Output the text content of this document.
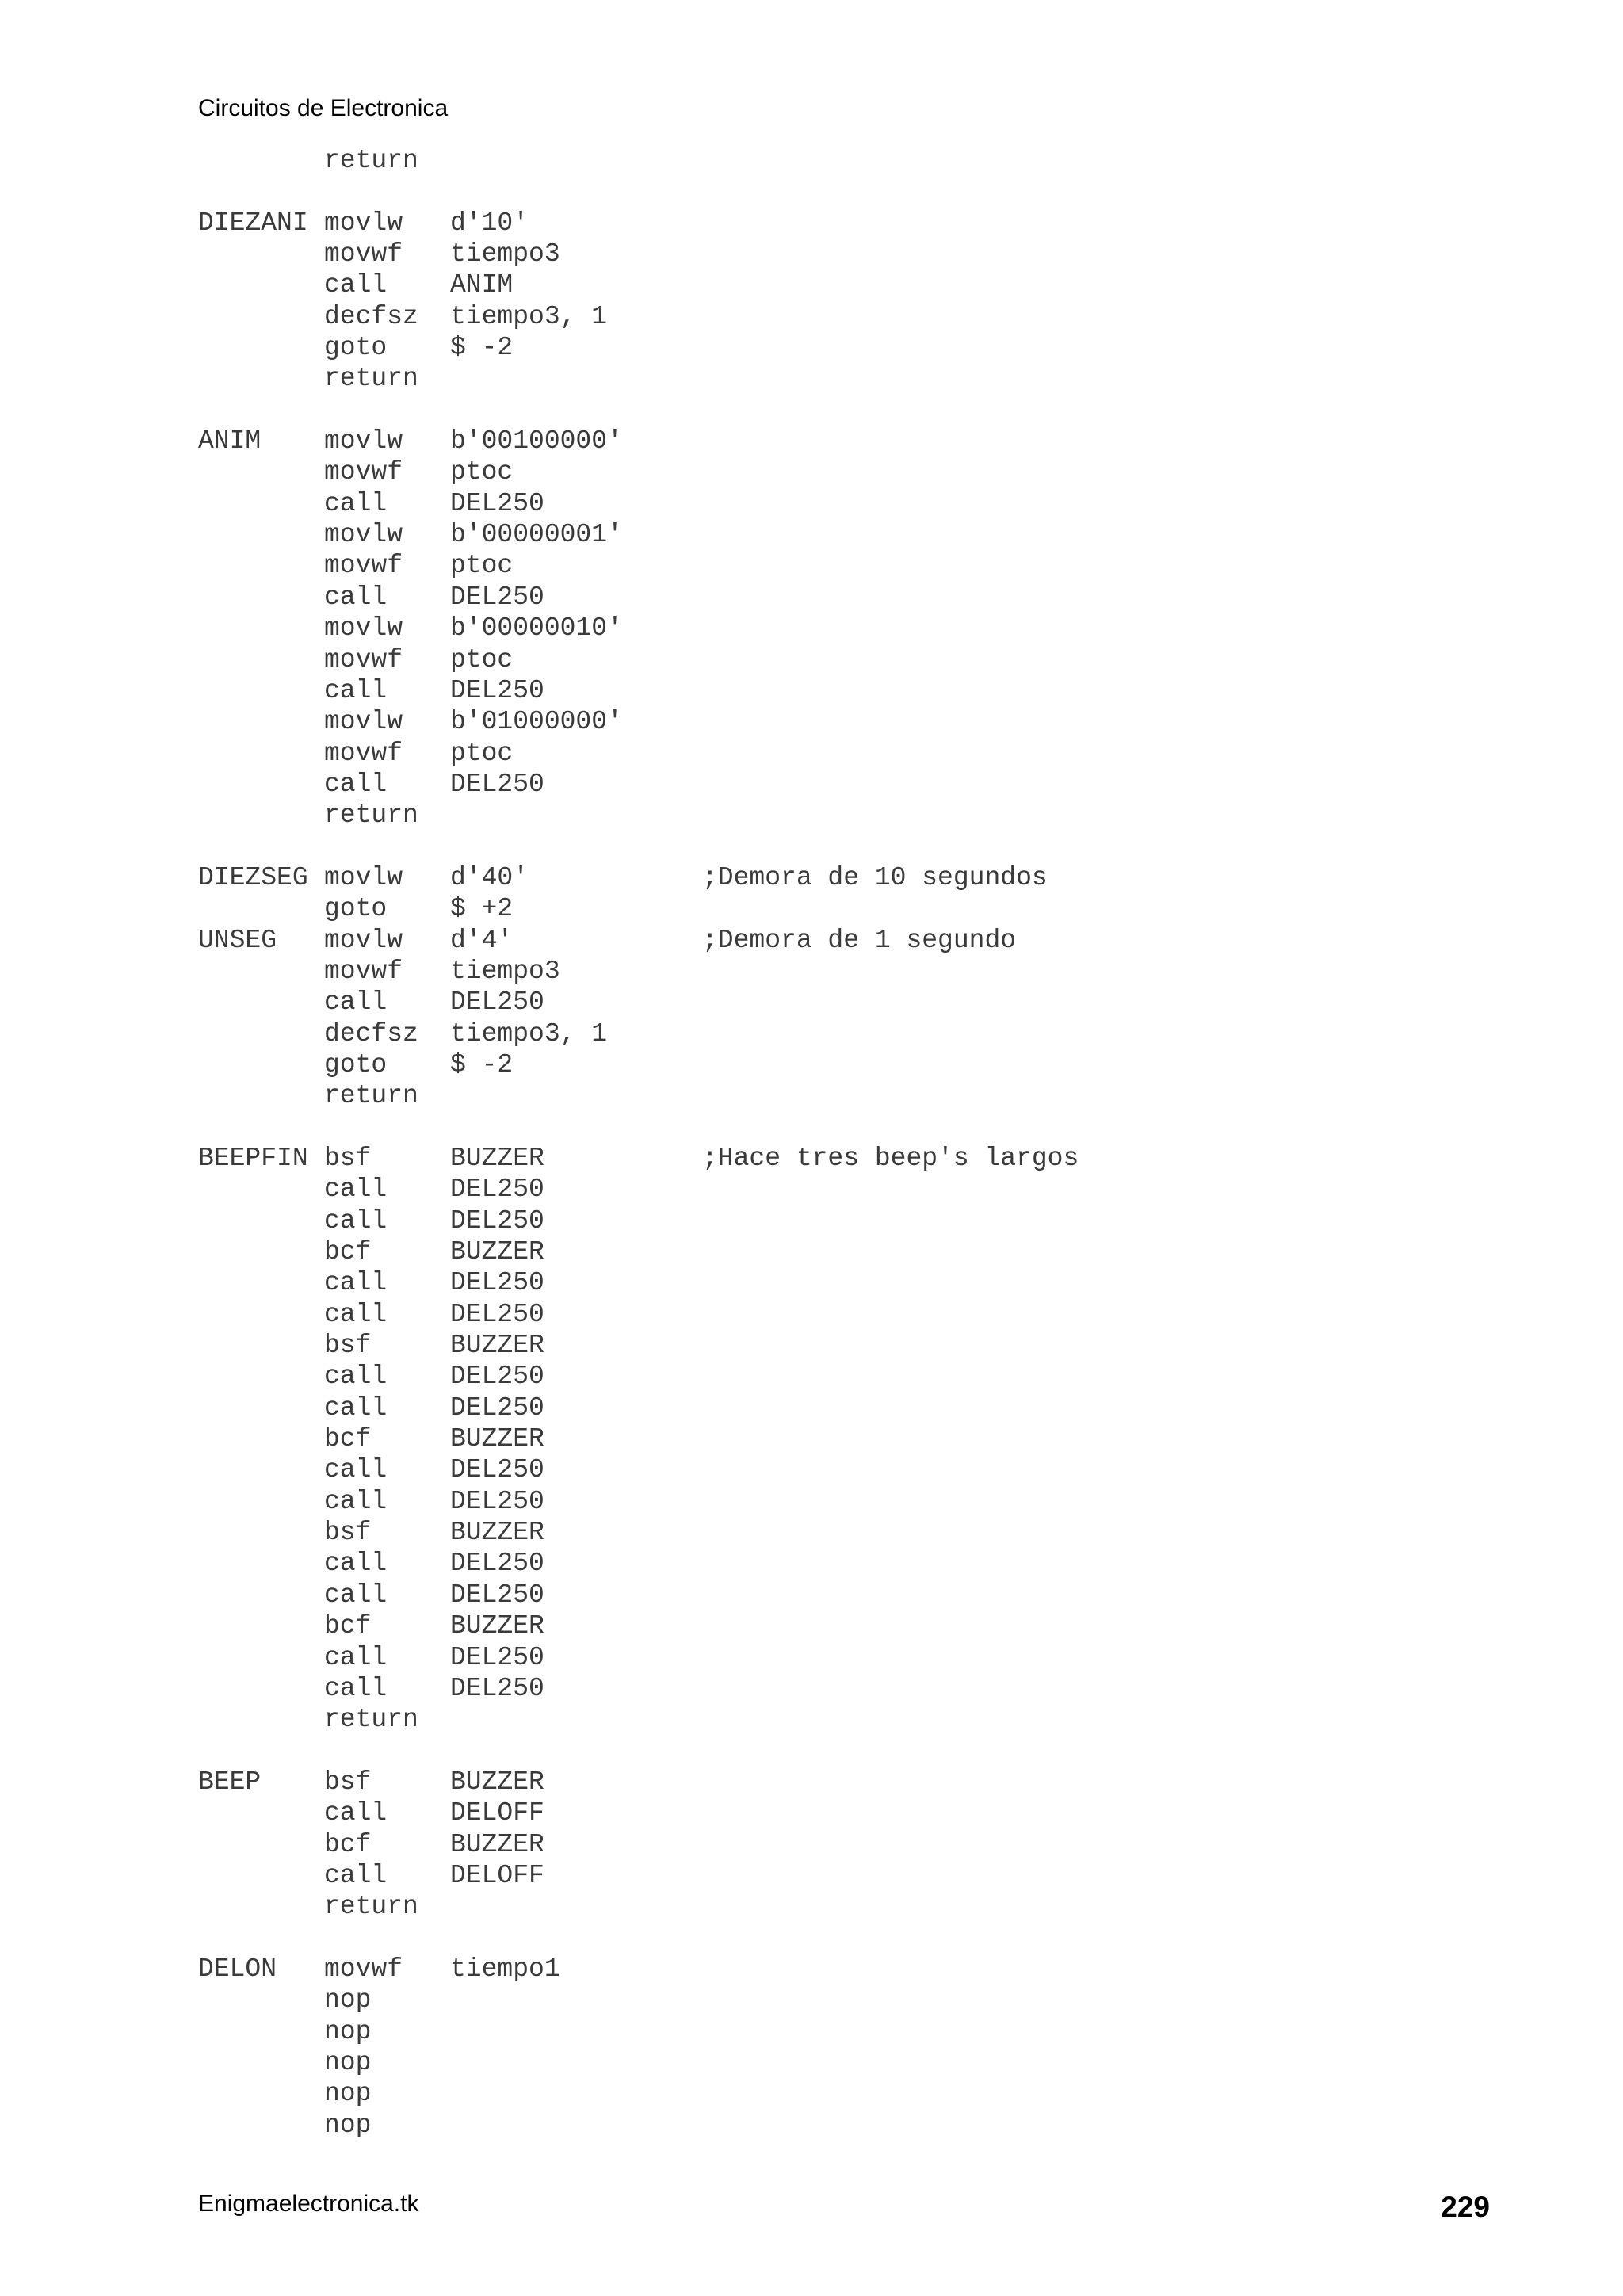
Circuitos de Electronica
return
DIEZANI movlw d'10'
movwf tiempo3
call ANIM
decfsz tiempo3, 1
goto $ -2
return
ANIM movlw b'00100000'
movwf ptoc
call DEL250
movlw b'00000001'
movwf ptoc
call DEL250
movlw b'00000010'
movwf ptoc
call DEL250
movlw b'01000000'
movwf ptoc
call DEL250
return
DIEZSEG movlw d'40'	;Demora de 10 segundos
goto $ +2
UNSEG movlw d'4'	;Demora de 1 segundo
movwf tiempo3
call DEL250
decfsz tiempo3, 1
goto $ -2
return
BEEPFIN bsf	BUZZER	;Hace tres beep's largos
call DEL250
call DEL250
bcf	BUZZER
call DEL250
call DEL250
bsf	BUZZER
call DEL250
call DEL250
bcf	BUZZER
call DEL250
call DEL250
bsf	BUZZER
call DEL250
call DEL250
bcf	BUZZER
call DEL250
call DEL250
return
BEEP bsf	BUZZER
call DELOFF
bcf	BUZZER
call DELOFF
return
DELON movwf tiempo1
nop
nop
nop
nop
nop
Enigmaelectronica.tk	229
